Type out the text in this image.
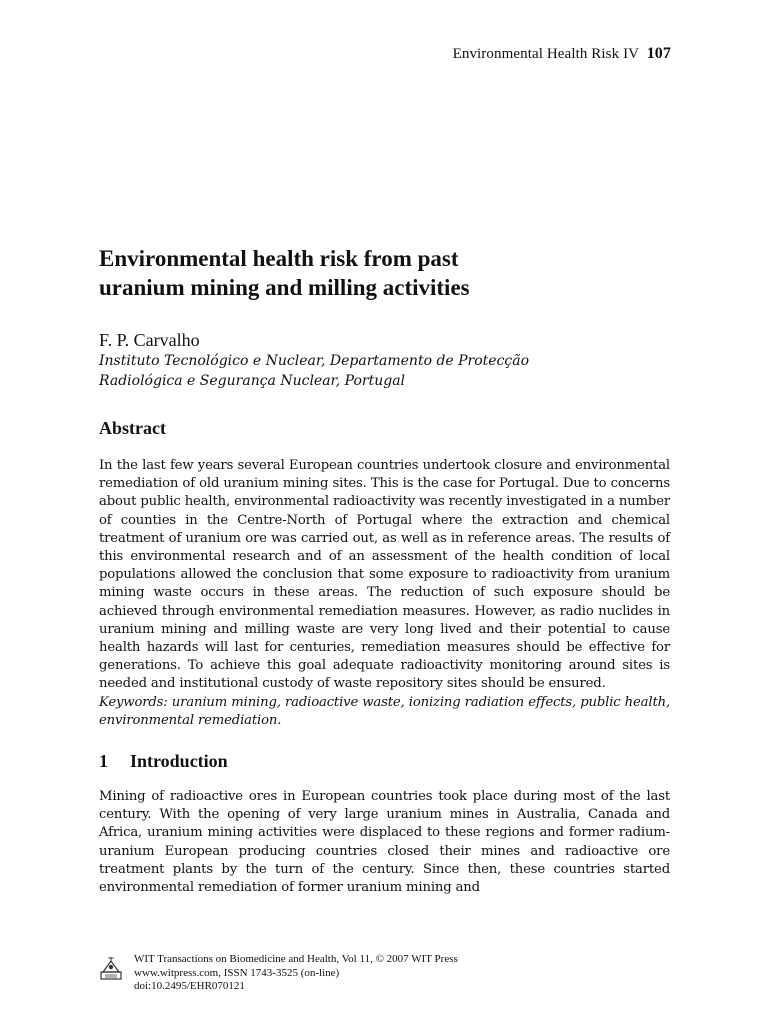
Environmental Health Risk IV 107
Environmental health risk from past
uranium mining and milling activities
F. P. Carvalho
Instituto Tecnológico e Nuclear, Departamento de Protecção
Radiológica e Segurança Nuclear, Portugal
Abstract

In the last few years several European countries undertook closure and environmental remediation of old uranium mining sites. This is the case for Portugal. Due to concerns about public health, environmental radioactivity was recently investigated in a number of counties in the Centre-North of Portugal where the extraction and chemical treatment of uranium ore was carried out, as well as in reference areas. The results of this environmental research and of an assessment of the health condition of local populations allowed the conclusion that some exposure to radioactivity from uranium mining waste occurs in these areas. The reduction of such exposure should be achieved through environmental remediation measures. However, as radio nuclides in uranium mining and milling waste are very long lived and their potential to cause health hazards will last for centuries, remediation measures should be effective for generations. To achieve this goal adequate radioactivity monitoring around sites is needed and institutional custody of waste repository sites should be ensured.

Keywords: uranium mining, radioactive waste, ionizing radiation effects, public health, environmental remediation.
1 Introduction

Mining of radioactive ores in European countries took place during most of the last century. With the opening of very large uranium mines in Australia, Canada and Africa, uranium mining activities were displaced to these regions and former radium-uranium European producing countries closed their mines and radioactive ore treatment plants by the turn of the century. Since then, these countries started environmental remediation of former uranium mining and

WIT Transactions on Biomedicine and Health, Vol 11, © 2007 WIT Press
www.witpress.com, ISSN 1743-3525 (on-line)
doi:10.2495/EHR070121
